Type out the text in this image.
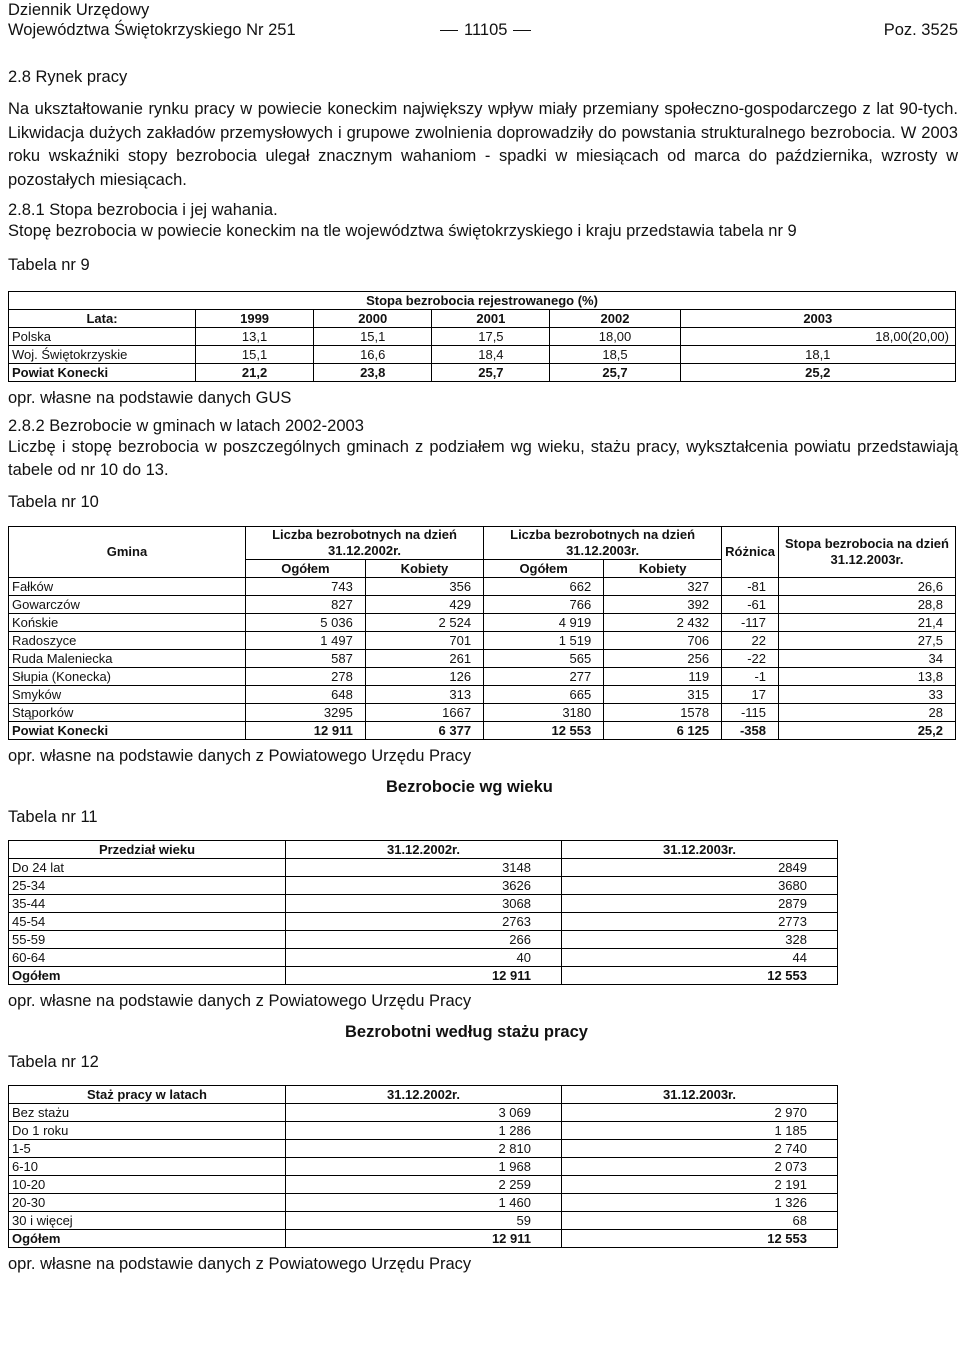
Dziennik Urzędowy
Województwa Świętokrzyskiego Nr 251	11105	Poz. 3525
2.8 Rynek pracy

Na ukształtowanie rynku pracy w powiecie koneckim największy wpływ miały przemiany społeczno-gospodarczego z lat 90-tych. Likwidacja dużych zakładów przemysłowych i grupowe zwolnienia doprowadziły do powstania strukturalnego bezrobocia. W 2003 roku wskaźniki stopy bezrobocia ulegał znacznym wahaniom - spadki w miesiącach od marca do października, wzrosty w pozostałych miesiącach.

2.8.1 Stopa bezrobocia i jej wahania.

Stopę bezrobocia w powiecie koneckim na tle województwa świętokrzyskiego i kraju przedstawia tabela nr 9

Tabela nr 9
Stopa bezrobocia rejestrowanego (%)					
Lata:	1999	2000	2001	2002	2003
Polska	13,1	15,1	17,5	18,00	18,00(20,00)
Woj. Świętokrzyskie	15,1	16,6	18,4	18,5	18,1
Powiat Konecki	21,2	23,8	25,7	25,7	25,2
opr. własne na podstawie danych GUS
2.8.2 Bezrobocie w gminach w latach 2002-2003

Liczbę i stopę bezrobocia w poszczególnych gminach z podziałem wg wieku, stażu pracy, wykształcenia powiatu przedstawiają tabele od nr 10 do 13.

Tabela nr 10
Gmina	Liczba bezrobotnych na dzień 31.12.2002r.		Liczba bezrobotnych na dzień 31.12.2003r.		Różnica	Stopa bezrobocia na dzień 31.12.2003r.
	Ogółem	Kobiety	Ogółem	Kobiety		
Fałków	743	356	662	327	-81	26,6
Gowarczów	827	429	766	392	-61	28,8
Końskie	5 036	2 524	4 919	2 432	-117	21,4
Radoszyce	1 497	701	1 519	706	22	27,5
Ruda Maleniecka	587	261	565	256	-22	34
Słupia (Konecka)	278	126	277	119	-1	13,8
Smyków	648	313	665	315	17	33
Stąporków	3295	1667	3180	1578	-115	28
Powiat Konecki	12 911	6 377	12 553	6 125	-358	25,2
opr. własne na podstawie danych z Powiatowego Urzędu Pracy
Bezrobocie wg wieku
Tabela nr 11
Przedział wieku	31.12.2002r.	31.12.2003r.
Do 24 lat	3148	2849
25-34	3626	3680
35-44	3068	2879
45-54	2763	2773
55-59	266	328
60-64	40	44
Ogółem	12 911	12 553
opr. własne na podstawie danych z Powiatowego Urzędu Pracy
Bezrobotni według stażu pracy
Tabela nr 12
Staż pracy w latach	31.12.2002r.	31.12.2003r.
Bez stażu	3 069	2 970
Do 1 roku	1 286	1 185
1-5	2 810	2 740
6-10	1 968	2 073
10-20	2 259	2 191
20-30	1 460	1 326
30 i więcej	59	68
Ogółem	12 911	12 553
opr. własne na podstawie danych z Powiatowego Urzędu Pracy
